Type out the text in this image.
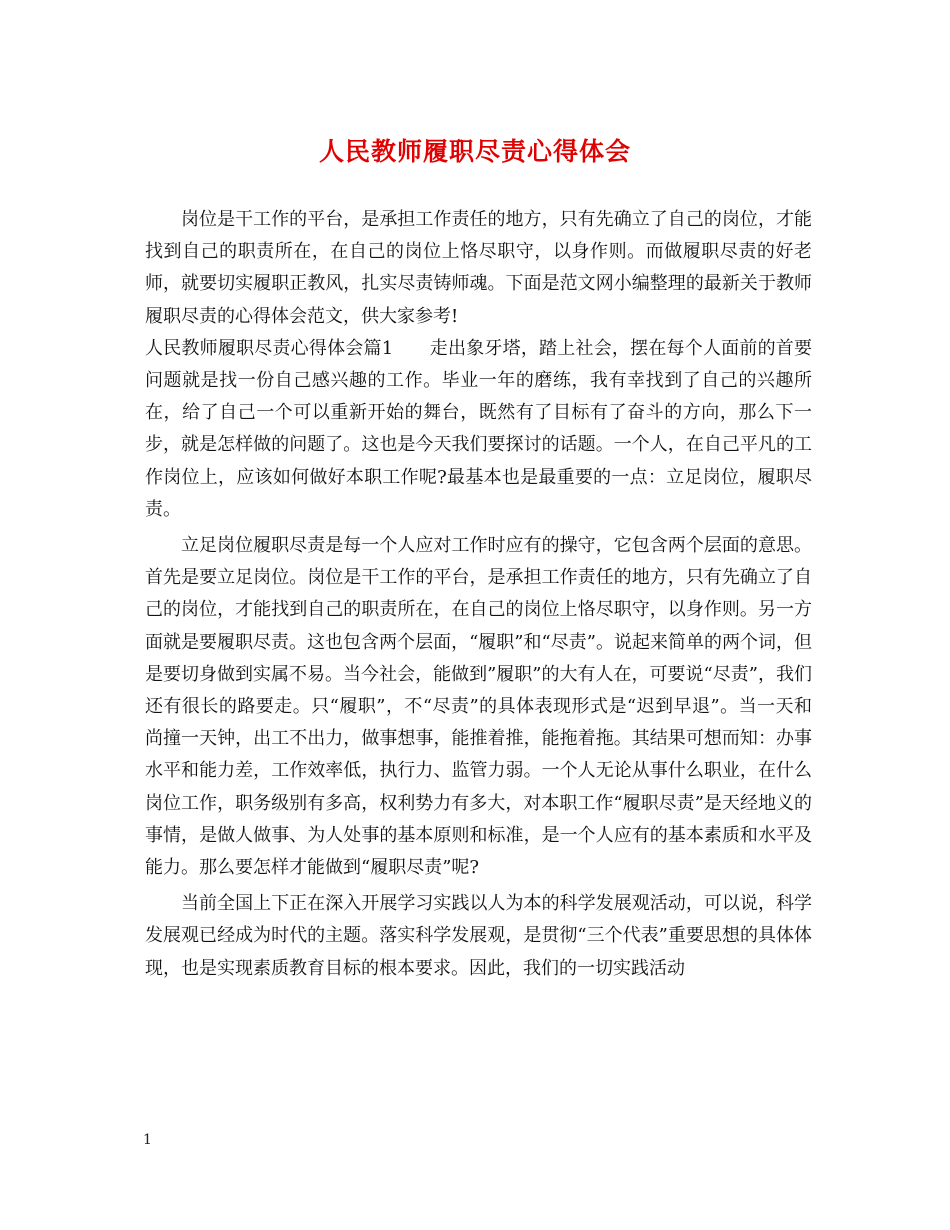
人民教师履职尽责心得体会

岗位是干工作的平台，是承担工作责任的地方，只有先确立了自己的岗位，才能找到自己的职责所在，在自己的岗位上恪尽职守，以身作则。而做履职尽责的好老师，就要切实履职正教风，扎实尽责铸师魂。下面是范文网小编整理的最新关于教师履职尽责的心得体会范文，供大家参考!

人民教师履职尽责心得体会篇1　　走出象牙塔，踏上社会，摆在每个人面前的首要问题就是找一份自己感兴趣的工作。毕业一年的磨练，我有幸找到了自己的兴趣所在，给了自己一个可以重新开始的舞台，既然有了目标有了奋斗的方向，那么下一步，就是怎样做的问题了。这也是今天我们要探讨的话题。一个人，在自己平凡的工作岗位上，应该如何做好本职工作呢?最基本也是最重要的一点：立足岗位，履职尽责。

立足岗位履职尽责是每一个人应对工作时应有的操守，它包含两个层面的意思。首先是要立足岗位。岗位是干工作的平台，是承担工作责任的地方，只有先确立了自己的岗位，才能找到自己的职责所在，在自己的岗位上恪尽职守，以身作则。另一方面就是要履职尽责。这也包含两个层面，“履职”和“尽责”。说起来简单的两个词，但是要切身做到实属不易。当今社会，能做到”履职”的大有人在，可要说“尽责”，我们还有很长的路要走。只“履职”，不“尽责”的具体表现形式是“迟到早退”。当一天和尚撞一天钟，出工不出力，做事想事，能推着推，能拖着拖。其结果可想而知：办事水平和能力差，工作效率低，执行力、监管力弱。一个人无论从事什么职业，在什么岗位工作，职务级别有多高，权利势力有多大，对本职工作“履职尽责”是天经地义的事情，是做人做事、为人处事的基本原则和标准，是一个人应有的基本素质和水平及能力。那么要怎样才能做到“履职尽责”呢?

当前全国上下正在深入开展学习实践以人为本的科学发展观活动，可以说，科学发展观已经成为时代的主题。落实科学发展观，是贯彻“三个代表”重要思想的具体体现，也是实现素质教育目标的根本要求。因此，我们的一切实践活动

1
